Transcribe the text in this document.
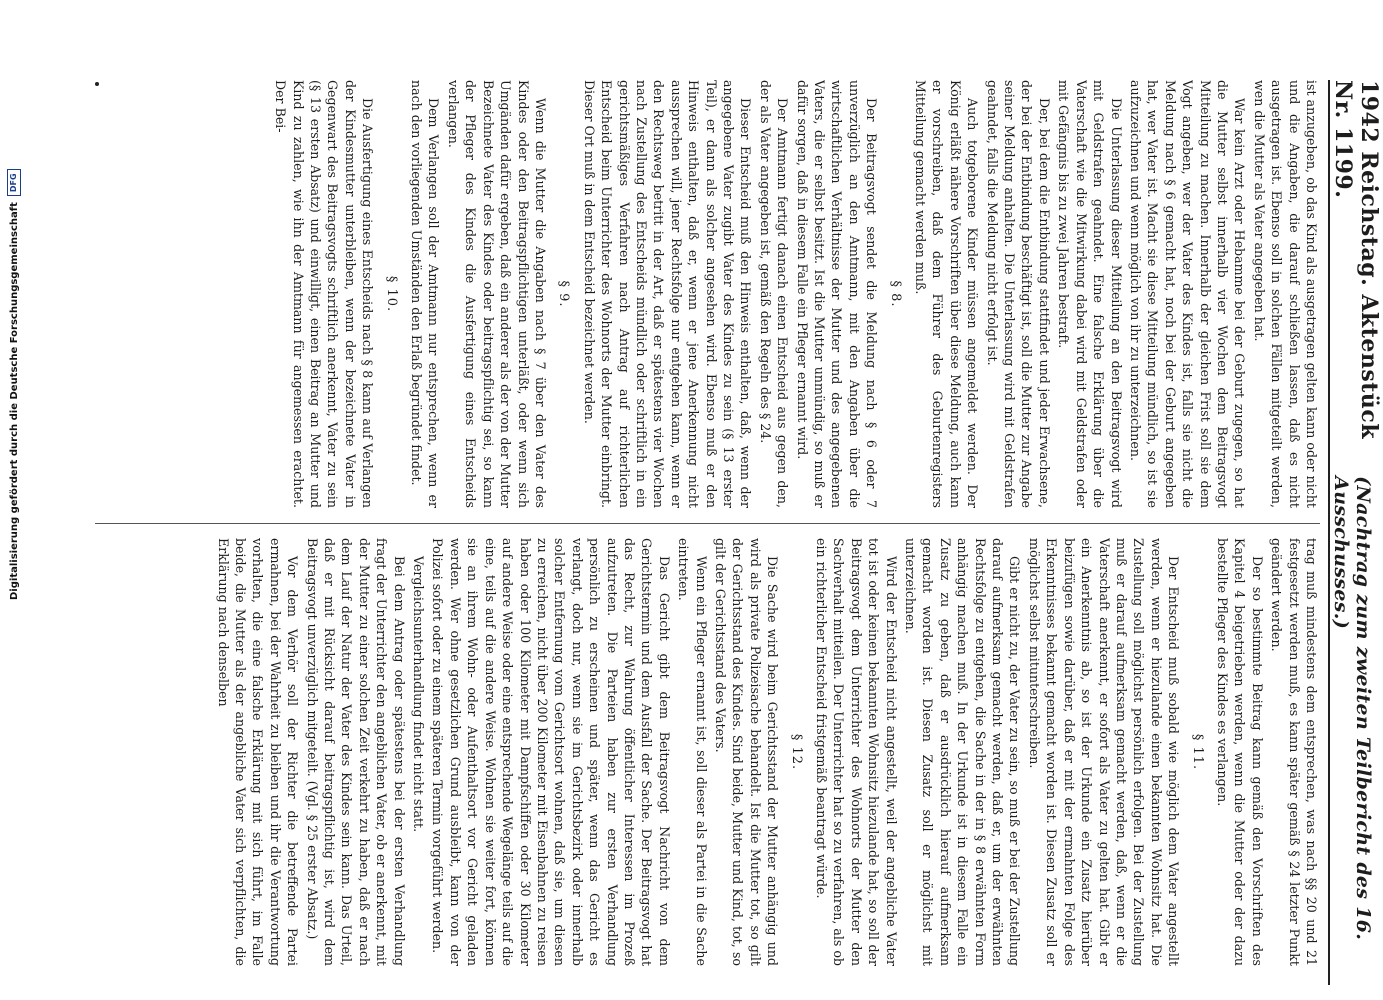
Digitalisierung gefördert durch die Deutsche Forschungsgemeinschaft
DFG	1942 Reichstag. Aktenstück Nr. 1199.
(Nachtrag zum zweiten Teilbericht des 16. Ausschusses.)

ist anzugeben, ob das Kind als ausgetragen gelten kann oder nicht und die Angaben, die darauf schließen lassen, daß es nicht ausgetragen ist. Ebenso soll in solchen Fällen mitgeteilt werden, wen die Mutter als Vater angegeben hat.

War kein Arzt oder Hebamme bei der Geburt zugegen, so hat die Mutter selbst innerhalb vier Wochen dem Beitragsvogt Mitteilung zu machen. Innerhalb der gleichen Frist soll sie dem Vogt angeben, wer der Vater des Kindes ist, falls sie nicht die Meldung nach § 6 gemacht hat, noch bei der Geburt angegeben hat, wer Vater ist. Macht sie diese Mitteilung mündlich, so ist sie aufzuzeichnen und wenn möglich von ihr zu unterzeichnen.

Die Unterlassung dieser Mitteilung an den Beitragsvogt wird mit Geldstrafen geahndet. Eine falsche Erklärung über die Vaterschaft wie die Mitwirkung dabei wird mit Geldstrafen oder mit Gefängnis bis zu zwei Jahren bestraft.

Der, bei dem die Entbindung stattfindet und jeder Erwachsene, der bei der Entbindung beschäftigt ist, soll die Mutter zur Angabe seiner Meldung anhalten. Die Unterlassung wird mit Geldstrafen geahndet, falls die Meldung nicht erfolgt ist.

Auch totgeborene Kinder müssen angemeldet werden. Der König erläßt nähere Vorschriften über diese Meldung, auch kann er vorschreiben, daß dem Führer des Geburtenregisters Mitteilung gemacht werden muß.

§ 8.

Der Beitragsvogt sendet die Meldung nach § 6 oder 7 unverzüglich an den Amtmann, mit den Angaben über die wirtschaftlichen Verhältnisse der Mutter und des angegebenen Vaters, die er selbst besitzt. Ist die Mutter unmündig, so muß er dafür sorgen, daß in diesem Falle ein Pfleger ernannt wird.

Der Amtmann fertigt danach einen Entscheid aus gegen den, der als Vater angegeben ist, gemäß den Regeln des § 24.

Dieser Entscheid muß den Hinweis enthalten, daß, wenn der angegebene Vater zugibt Vater des Kindes zu sein (§ 13 erster Teil), er dann als solcher angesehen wird. Ebenso muß er den Hinweis enthalten, daß er, wenn er jene Anerkennung nicht aussprechen will, jener Rechtsfolge nur entgehen kann, wenn er den Rechtsweg betritt in der Art, daß er spätestens vier Wochen nach Zustellung des Entscheids mündlich oder schriftlich in ein gerichtsmäßiges Verfahren nach Antrag auf richterlichen Entscheid beim Unterrichter des Wohnorts der Mutter einbringt. Dieser Ort muß in dem Entscheid bezeichnet werden.

§ 9.

Wenn die Mutter die Angaben nach § 7 über den Vater des Kindes oder den Beitragspflichtigen unterläßt, oder wenn sich Umgänden dafür ergeben, daß ein anderer als der von der Mutter Bezeichnete Vater des Kindes oder beitragspflichtig sei, so kann der Pfleger des Kindes die Ausfertigung eines Entscheids verlangen.

Dem Verlangen soll der Amtmann nur entsprechen, wenn er nach den vorliegenden Umständen den Erlaß begründet findet.

§ 10.

Die Ausfertigung eines Entscheids nach § 8 kann auf Verlangen der Kindesmutter unterbleiben, wenn der bezeichnete Vater in Gegenwart des Beitragsvogts schriftlich anerkennt, Vater zu sein (§ 13 ersten Absatz) und einwilligt, einen Beitrag an Mutter und Kind zu zahlen, wie ihn der Amtmann für angemessen erachtet. Der Bei-

trag muß mindestens dem entsprechen, was nach §§ 20 und 21 festgesetzt werden muß, es kann später gemäß § 24 letzter Punkt geändert werden.

Der so bestimmte Beitrag kann gemäß den Vorschriften des Kapitel 4 beigetrieben werden, wenn die Mutter oder der dazu bestellte Pfleger des Kindes es verlangen.

§ 11.

Der Entscheid muß sobald wie möglich dem Vater angestellt werden, wenn er hiezulande einen bekannten Wohnsitz hat. Die Zustellung soll möglichst persönlich erfolgen. Bei der Zustellung muß er darauf aufmerksam gemacht werden, daß, wenn er die Vaterschaft anerkennt, er sofort als Vater zu gelten hat. Gibt er ein Anerkenntnis ab, so ist der Urkunde ein Zusatz hierüber beizufügen sowie darüber, daß er mit der ermahnten Folge des Erkenntnisses bekannt gemacht worden ist. Diesen Zusatz soll er möglichst selbst mitunterschreiben.

Gibt er nicht zu, der Vater zu sein, so muß er bei der Zustellung darauf aufmerksam gemacht werden, daß er, um der erwähnten Rechtsfolge zu entgehen, die Sache in der in § 8 erwähnten Form anhängig machen muß. In der Urkunde ist in diesem Falle ein Zusatz zu geben, daß er ausdrücklich hierauf aufmerksam gemacht worden ist. Diesen Zusatz soll er möglichst mit unterzeichnen.

Wird der Entscheid nicht angestellt, weil der angebliche Vater tot ist oder keinen bekannten Wohnsitz hiezulande hat, so soll der Beitragsvogt dem Unterrichter des Wohnorts der Mutter den Sachverhalt mitteilen. Der Unterrichter hat so zu verfahren, als ob ein richterlicher Entscheid fristgemäß beantragt würde.

§ 12.

Die Sache wird beim Gerichtsstand der Mutter anhängig und wird als private Polizeisache behandelt. Ist die Mutter tot, so gilt der Gerichtsstand des Kindes. Sind beide, Mutter und Kind, tot, so gilt der Gerichtsstand des Vaters.

Wenn ein Pfleger ernannt ist, soll dieser als Partei in die Sache eintreten.

Das Gericht gibt dem Beitragsvogt Nachricht von dem Gerichtstermin und dem Ausfall der Sache. Der Beitragsvogt hat das Recht, zur Wahrung öffentlicher Interessen im Prozeß aufzutreten. Die Parteien haben zur ersten Verhandlung persönlich zu erscheinen und später, wenn das Gericht es verlangt, doch nur, wenn sie im Gerichtsbezirk oder innerhalb solcher Entfernung vom Gerichtsort wohnen, daß sie, um diesen zu erreichen, nicht über 200 Kilometer mit Eisenbahnen zu reisen haben oder 100 Kilometer mit Dampfschiffen oder 30 Kilometer auf andere Weise oder eine entsprechende Wegelänge teils auf die eine, teils auf die andere Weise. Wohnen sie weiter fort, können sie an ihrem Wohn- oder Aufenthaltsort vor Gericht geladen werden. Wer ohne gesetzlichen Grund ausbleibt, kann von der Polizei sofort oder zu einem späteren Termin vorgeführt werden.

Vergleichsunterhandlung findet nicht statt.

Bei dem Antrag oder spätestens bei der ersten Verhandlung fragt der Unterrichter den angeblichen Vater, ob er anerkennt, mit der Mutter zu einer solchen Zeit verkehrt zu haben, daß er nach dem Lauf der Natur der Vater des Kindes sein kann. Das Urteil, daß er mit Rücksicht darauf beitragspflichtig ist, wird dem Beitragsvogt unverzüglich mitgeteilt. (Vgl. § 25 erster Absatz.)

Vor dem Verhör soll der Richter die betreffende Partei ermahnen, bei der Wahrheit zu bleiben und ihr die Verantwortung vorhalten, die eine falsche Erklärung mit sich führt, im Falle beide, die Mutter als der angebliche Vater sich verpflichten, die Erklärung nach denselben
